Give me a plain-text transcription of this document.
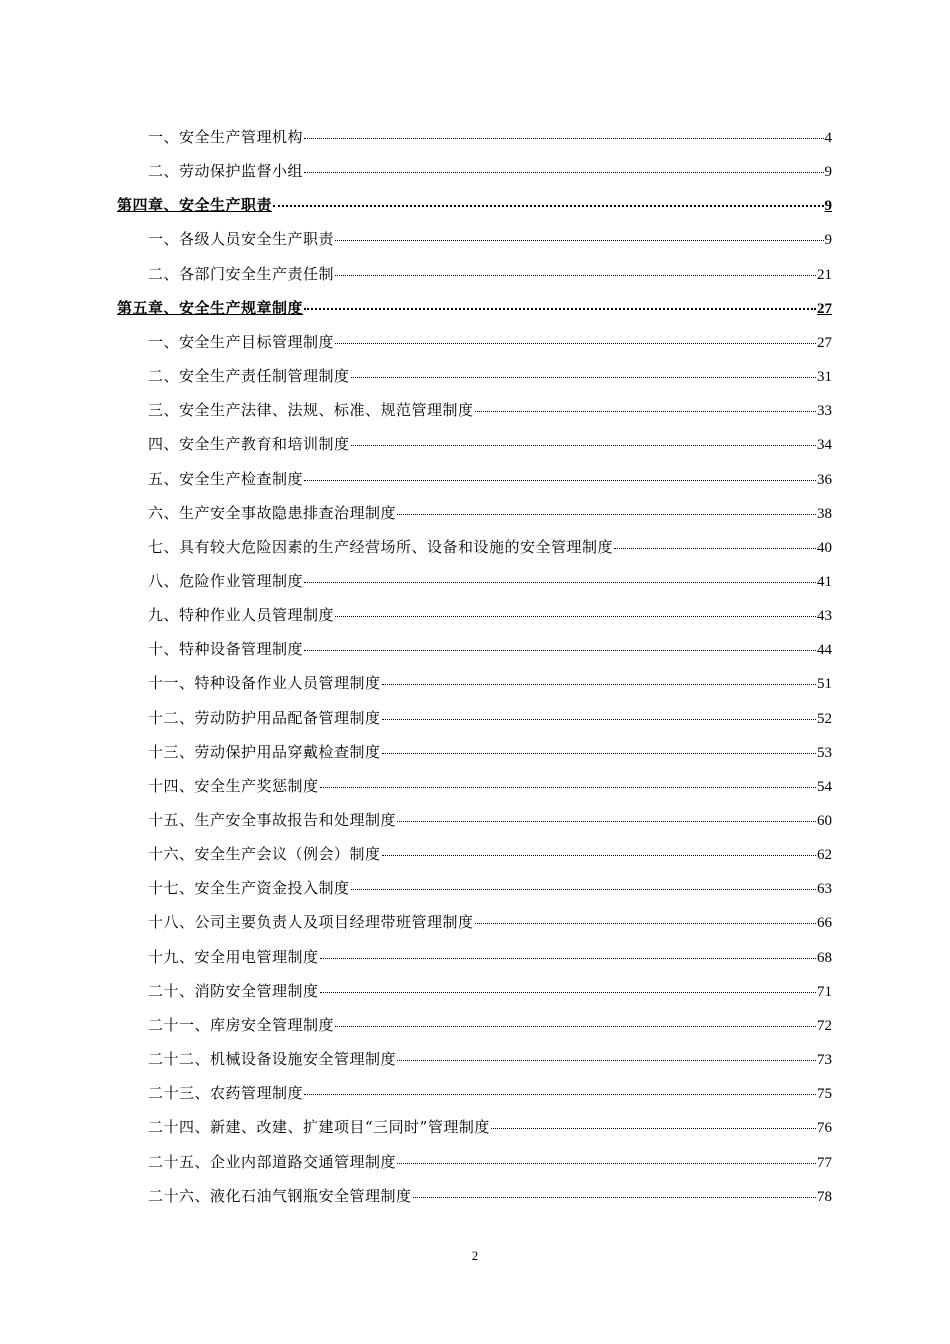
一、安全生产管理机构	4
二、劳动保护监督小组	9
第四章、安全生产职责	9
一、各级人员安全生产职责	9
二、各部门安全生产责任制	21
第五章、安全生产规章制度	27
一、安全生产目标管理制度	27
二、安全生产责任制管理制度	31
三、安全生产法律、法规、标准、规范管理制度	33
四、安全生产教育和培训制度	34
五、安全生产检查制度	36
六、生产安全事故隐患排查治理制度	38
七、具有较大危险因素的生产经营场所、设备和设施的安全管理制度	40
八、危险作业管理制度	41
九、特种作业人员管理制度	43
十、特种设备管理制度	44
十一、特种设备作业人员管理制度	51
十二、劳动防护用品配备管理制度	52
十三、劳动保护用品穿戴检查制度	53
十四、安全生产奖惩制度	54
十五、生产安全事故报告和处理制度	60
十六、安全生产会议（例会）制度	62
十七、安全生产资金投入制度	63
十八、公司主要负责人及项目经理带班管理制度	66
十九、安全用电管理制度	68
二十、消防安全管理制度	71
二十一、库房安全管理制度	72
二十二、机械设备设施安全管理制度	73
二十三、农药管理制度	75
二十四、新建、改建、扩建项目“三同时”管理制度	76
二十五、企业内部道路交通管理制度	77
二十六、液化石油气钢瓶安全管理制度	78
2
